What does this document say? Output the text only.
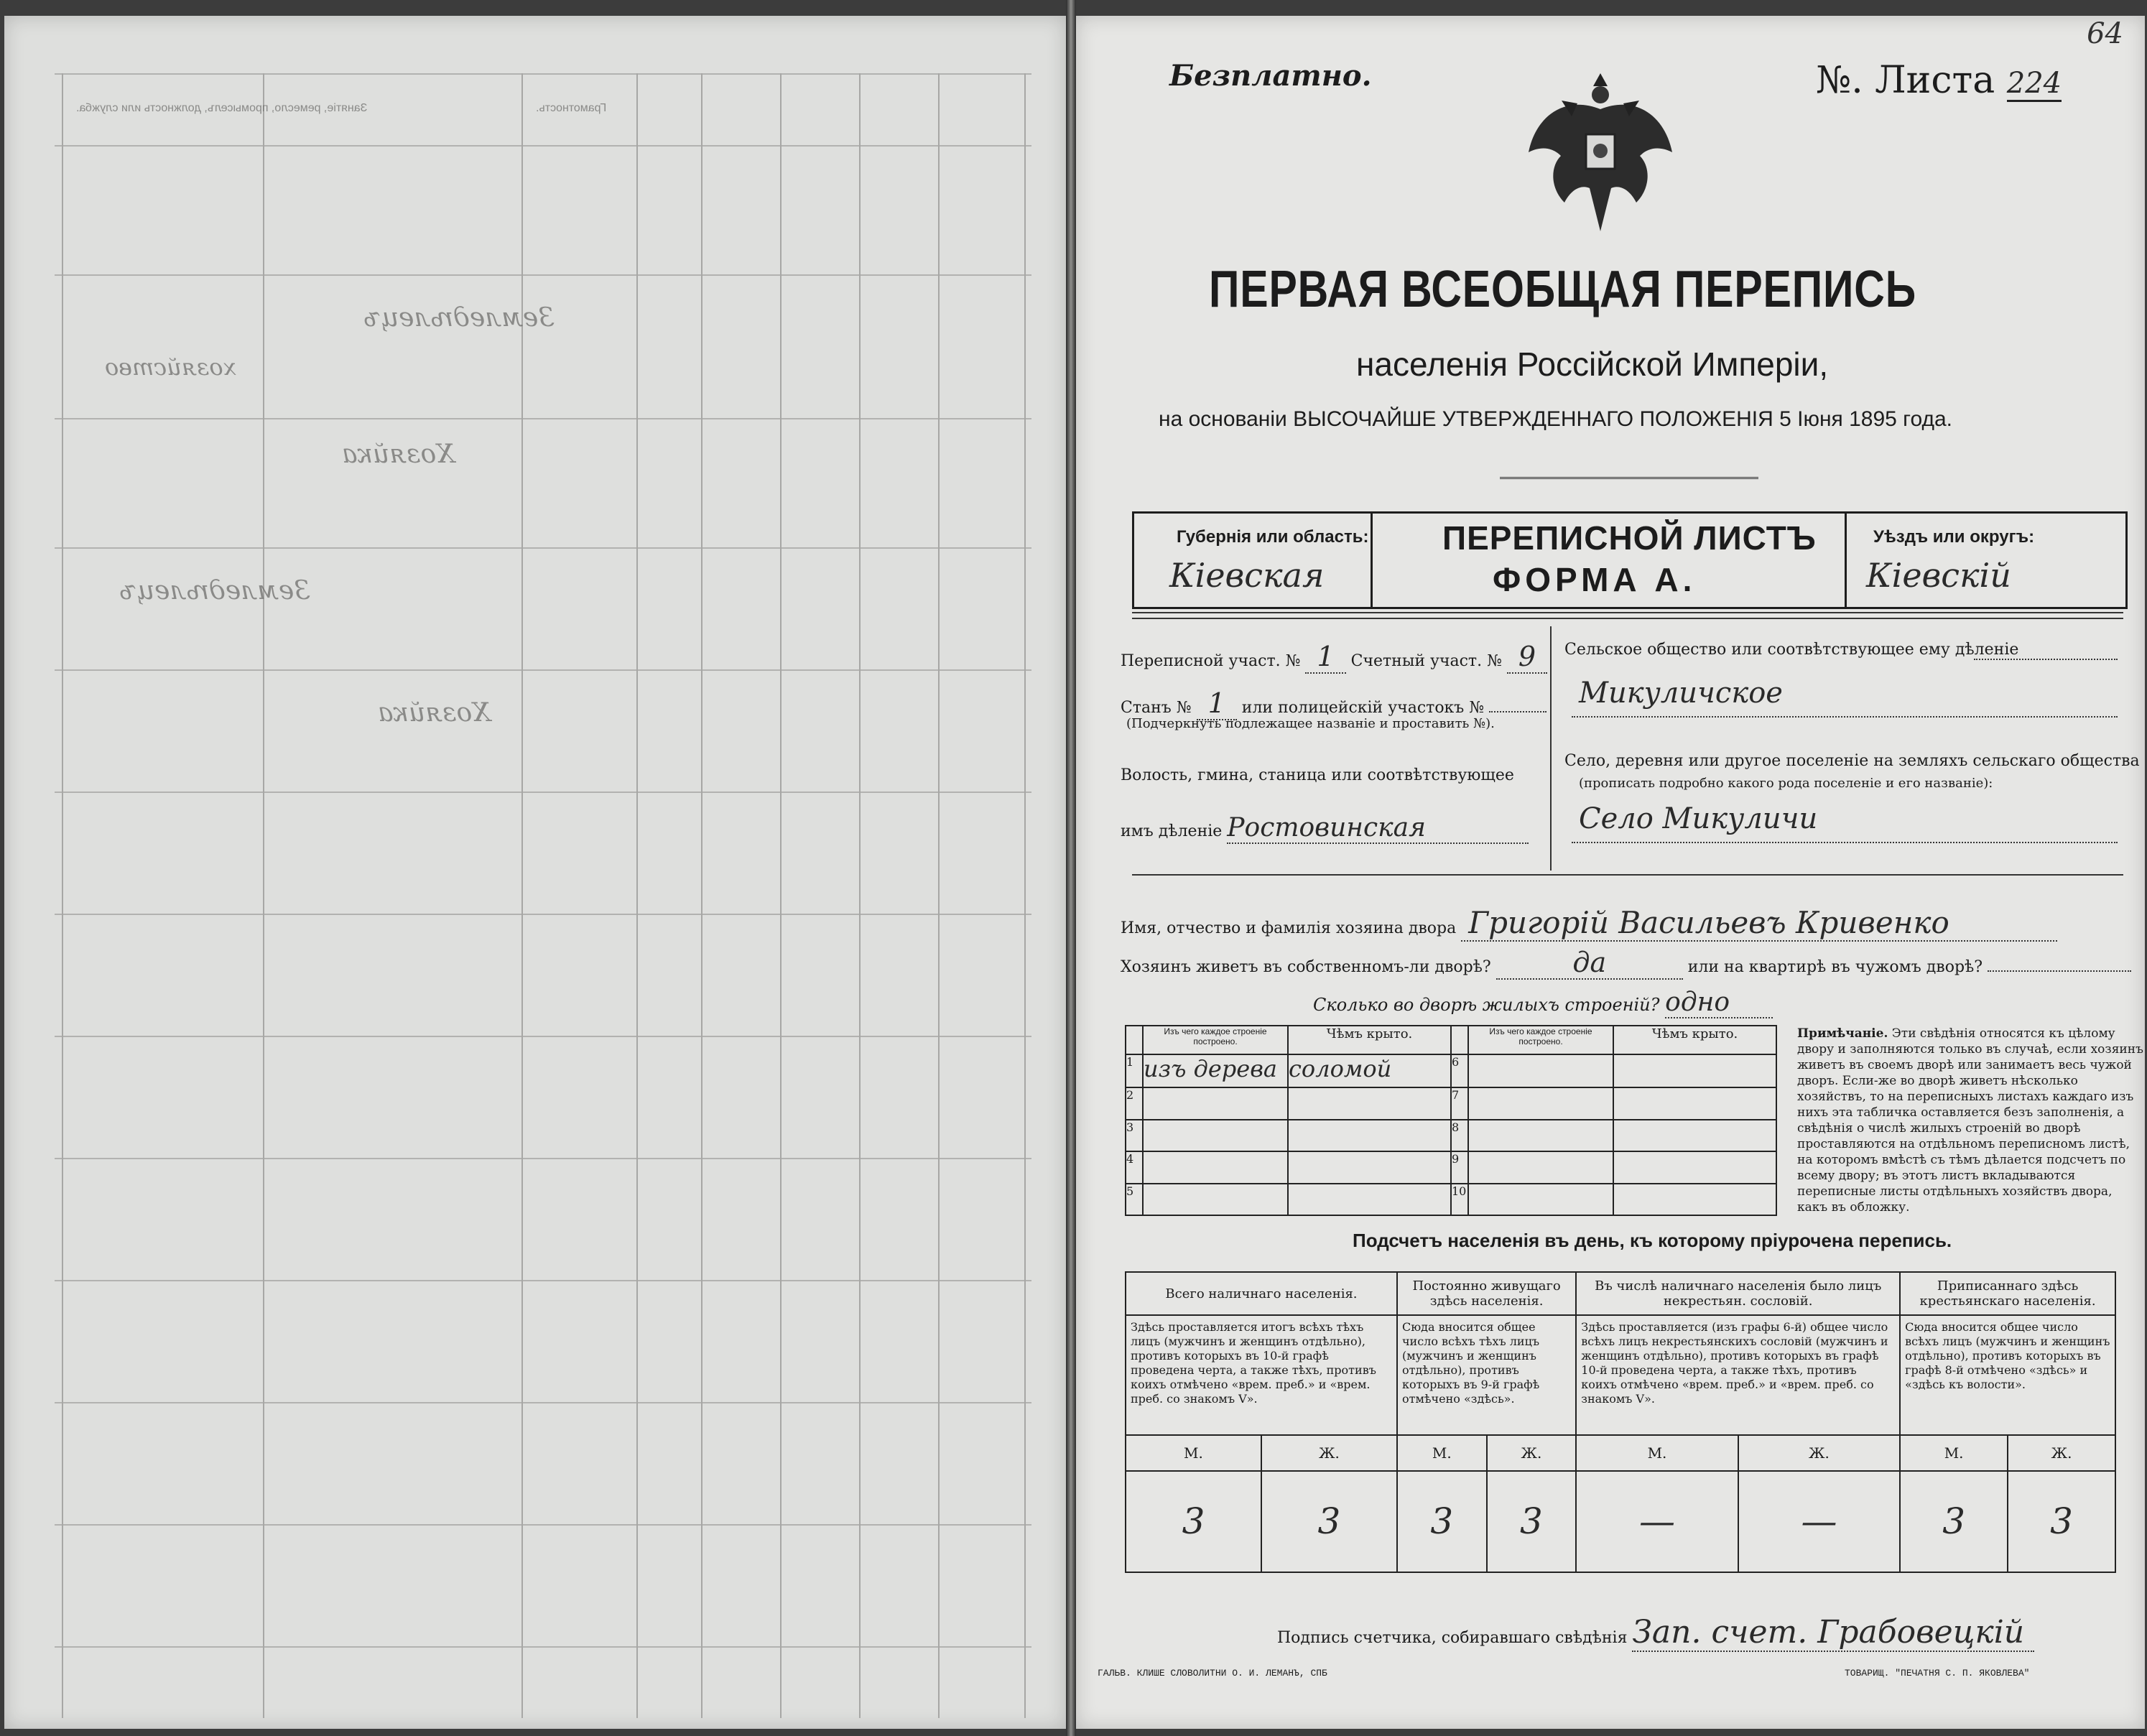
Занятіе, ремесло, промыселъ, должность или служба.	Грамотность.
Земледѣлецъ
хозяйство
Хозяйка
Земледѣлецъ
Хозяйка
64
Безплатно.	№. Листа 224
ПЕРВАЯ ВСЕОБЩАЯ ПЕРЕПИСЬ
населенія Россійской Имперіи,
на основаніи ВЫСОЧАЙШЕ УТВЕРЖДЕННАГО ПОЛОЖЕНІЯ 5 Іюня 1895 года.
Губернія или область:
Кіевская
ПЕРЕПИСНОЙ ЛИСТЪ
ФОРМА А.
Уѣздъ или округъ:
Кіевскій
Переписной участ. № 1 Счетный участ. № 9
Станъ № 1 или полицейскій участокъ №
(Подчеркнуть подлежащее названіе и проставить №).
Волость, гмина, станица или соотвѣтствующее
имъ дѣленіе Ростовинская
Сельское общество или соотвѣтствующее ему дѣленіе
Микуличское
Село, деревня или другое поселеніе на земляхъ сельскаго общества
(прописать подробно какого рода поселеніе и его названіе):
Село Микуличи
Имя, отчество и фамилія хозяина двора Григорій Васильевъ Кривенко
Хозяинъ живетъ въ собственномъ-ли дворѣ?	да	или на квартирѣ въ чужомъ дворѣ?
Сколько во дворѣ жилыхъ строеній? одно
	Изъ чего каждое строеніе построено.	Чѣмъ крыто.		Изъ чего каждое строеніе построено.	Чѣмъ крыто.	Примѣчаніе. Эти свѣдѣнія относятся къ цѣлому двору и заполняются только въ случаѣ, если хозяинъ живетъ въ своемъ дворѣ или занимаетъ весь чужой дворъ. Если-же во дворѣ живетъ нѣсколько хозяйствъ, то на переписныхъ листахъ каждаго изъ нихъ эта табличка оставляется безъ заполненія, а свѣдѣнія о числѣ жилыхъ строеній во дворѣ проставляются на отдѣльномъ переписномъ листѣ, на которомъ вмѣстѣ съ тѣмъ дѣлается подсчетъ по всему двору; въ этотъ листъ вкладываются переписные листы отдѣльныхъ хозяйствъ двора, какъ въ обложку.
1	изъ дерева	соломой	6			
2			7			
3			8			
4			9			
5			10			
Подсчетъ населенія въ день, къ которому пріурочена перепись.
Всего наличнаго населенія.		Постоянно живущаго здѣсь населенія.		Въ числѣ наличнаго населенія было лицъ некрестьян. сословій.		Приписаннаго здѣсь крестьянскаго населенія.	
Здѣсь проставляется итогъ всѣхъ тѣхъ лицъ (мужчинъ и женщинъ отдѣльно), противъ которыхъ въ 10-й графѣ проведена черта, а также тѣхъ, противъ коихъ отмѣчено «врем. преб.» и «врем. преб. со знакомъ V».		Сюда вносится общее число всѣхъ тѣхъ лицъ (мужчинъ и женщинъ отдѣльно), противъ которыхъ въ 9-й графѣ отмѣчено «здѣсь».		Здѣсь проставляется (изъ графы 6-й) общее число всѣхъ лицъ некрестьянскихъ сословій (мужчинъ и женщинъ отдѣльно), противъ которыхъ въ графѣ 10-й проведена черта, а также тѣхъ, противъ коихъ отмѣчено «врем. преб.» и «врем. преб. со знакомъ V».		Сюда вносится общее число всѣхъ лицъ (мужчинъ и женщинъ отдѣльно), противъ которыхъ въ графѣ 8-й отмѣчено «здѣсь» и «здѣсь къ волости».	
М.	Ж.	М.	Ж.	М.	Ж.	М.	Ж.
3	3	3	3	—	—	3	3
Подпись счетчика, собиравшаго свѣдѣнія Зап. счет. Грабовецкій
ГАЛЬВ. КЛИШЕ СЛОВОЛИТНИ О. И. ЛЕМАНЪ, СПБ	ТОВАРИЩ. "ПЕЧАТНЯ С. П. ЯКОВЛЕВА"
